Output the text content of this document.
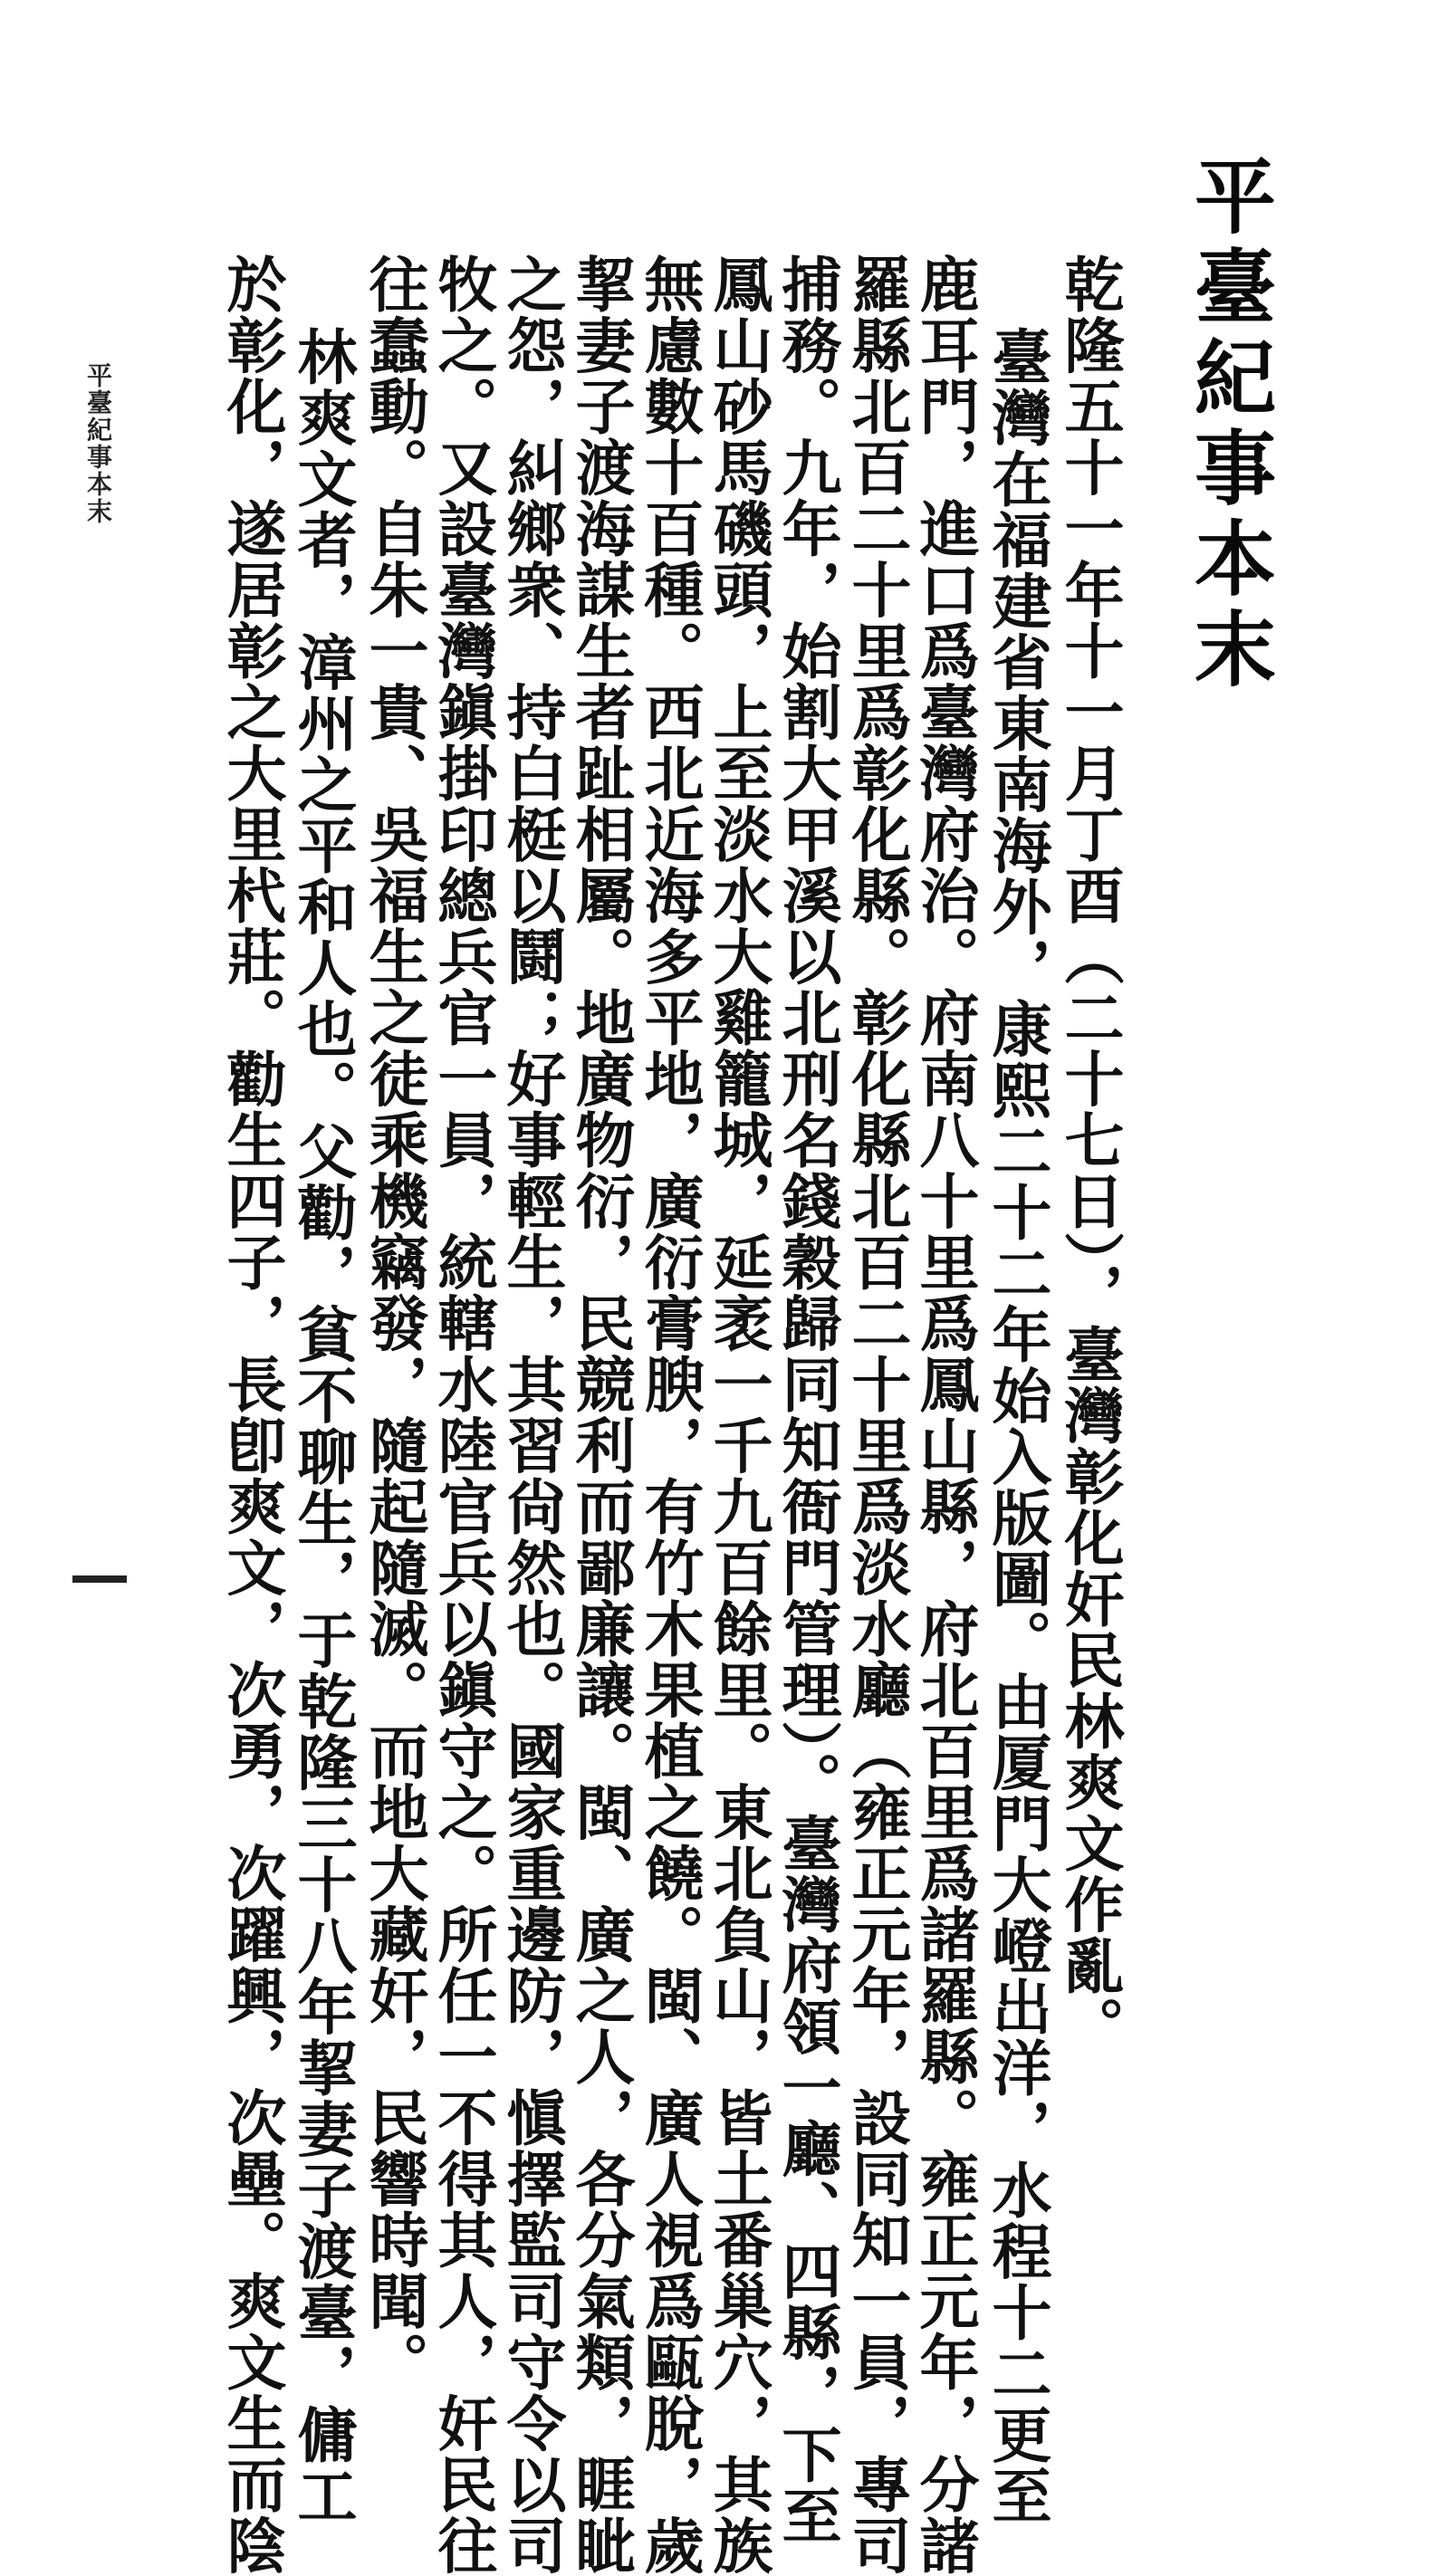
平臺紀事本末
乾隆五十一年十一月丁酉（二十七日），臺灣彰化奸民林爽文作亂。
臺灣在福建省東南海外，康熙二十二年始入版圖。由厦門大嶝出洋，水程十二更至
鹿耳門，進口爲臺灣府治。府南八十里爲鳳山縣，府北百里爲諸羅縣。雍正元年，分諸
羅縣北百二十里爲彰化縣。彰化縣北百二十里爲淡水廳（雍正元年，設同知一員，專司
捕務。九年，始割大甲溪以北刑名錢穀歸同知衙門管理）。臺灣府領一廳、四縣，下至
鳳山砂馬磯頭，上至淡水大雞籠城，延袤一千九百餘里。東北負山，皆土番巢穴，其族
無慮數十百種。西北近海多平地，廣衍膏腴，有竹木果植之饒。閩、廣人視爲甌脫，歲
挈妻子渡海謀生者趾相屬。地廣物衍，民競利而鄙廉讓。閩、廣之人，各分氣類，睚眦
之怨，糾鄉衆、持白梃以鬪；好事輕生，其習尙然也。國家重邊防，愼擇監司守令以司
牧之。又設臺灣鎭掛印總兵官一員，統轄水陸官兵以鎭守之。所任一不得其人，奸民往
往蠢動。自朱一貴、吳福生之徒乘機竊發，隨起隨滅。而地大藏奸，民響時聞。
林爽文者，漳州之平和人也。父勸，貧不聊生，于乾隆三十八年挈妻子渡臺，傭工
於彰化，遂居彰之大里杙莊。勸生四子，長卽爽文，次勇，次躍興，次壘。爽文生而陰
平臺紀事本末
